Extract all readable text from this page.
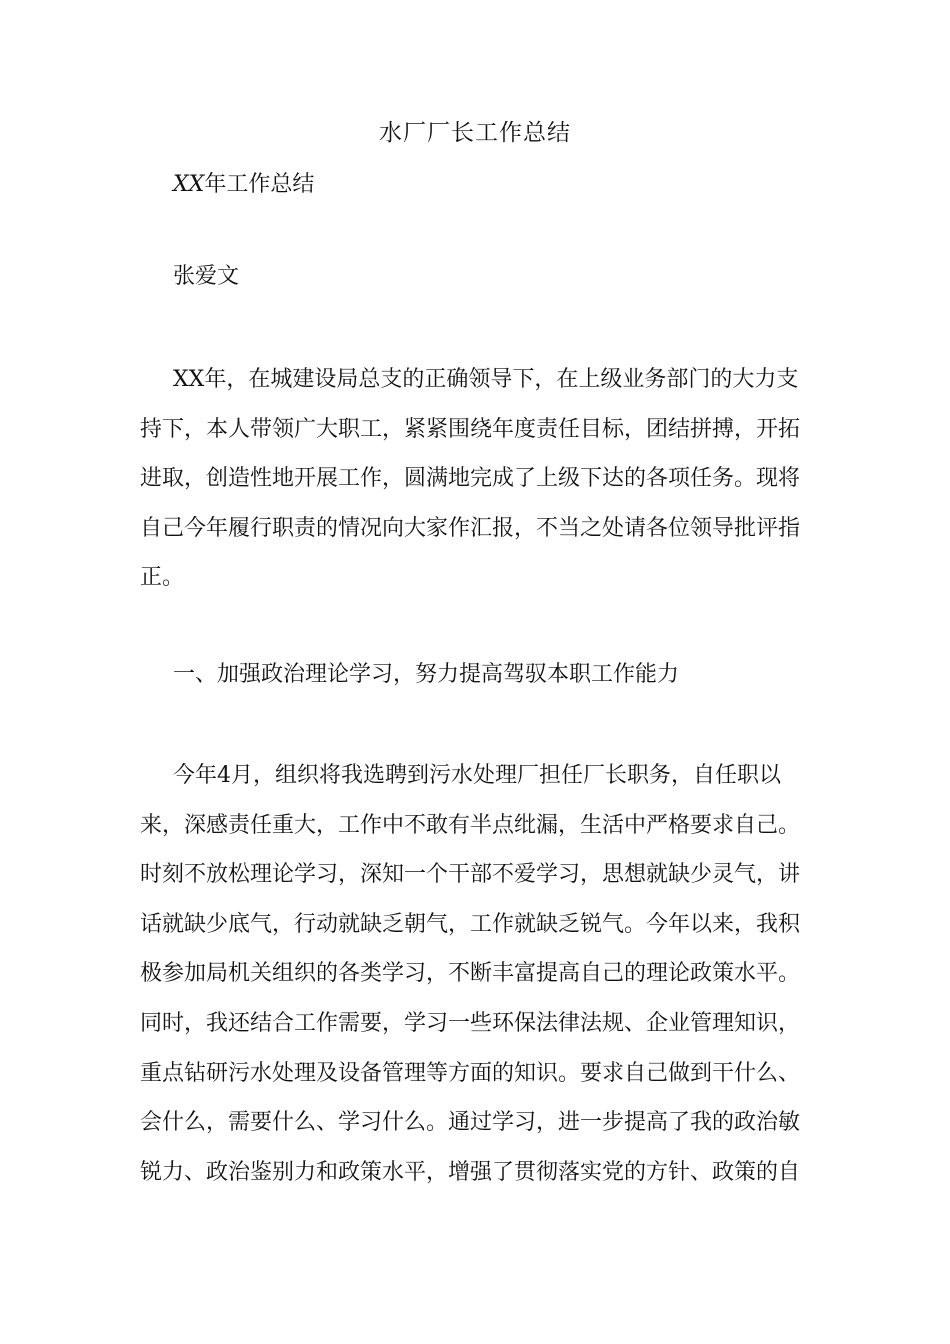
水厂厂长工作总结
XX年工作总结
张爱文
XX年，在城建设局总支的正确领导下，在上级业务部门的大力支
持下，本人带领广大职工，紧紧围绕年度责任目标，团结拼搏，开拓
进取，创造性地开展工作，圆满地完成了上级下达的各项任务。现将
自己今年履行职责的情况向大家作汇报，不当之处请各位领导批评指
正。
一、加强政治理论学习，努力提高驾驭本职工作能力
今年4月，组织将我选聘到污水处理厂担任厂长职务，自任职以
来，深感责任重大，工作中不敢有半点纰漏，生活中严格要求自己。
时刻不放松理论学习，深知一个干部不爱学习，思想就缺少灵气，讲
话就缺少底气，行动就缺乏朝气，工作就缺乏锐气。今年以来，我积
极参加局机关组织的各类学习，不断丰富提高自己的理论政策水平。
同时，我还结合工作需要，学习一些环保法律法规、企业管理知识，
重点钻研污水处理及设备管理等方面的知识。要求自己做到干什么、
会什么，需要什么、学习什么。通过学习，进一步提高了我的政治敏
锐力、政治鉴别力和政策水平，增强了贯彻落实党的方针、政策的自
